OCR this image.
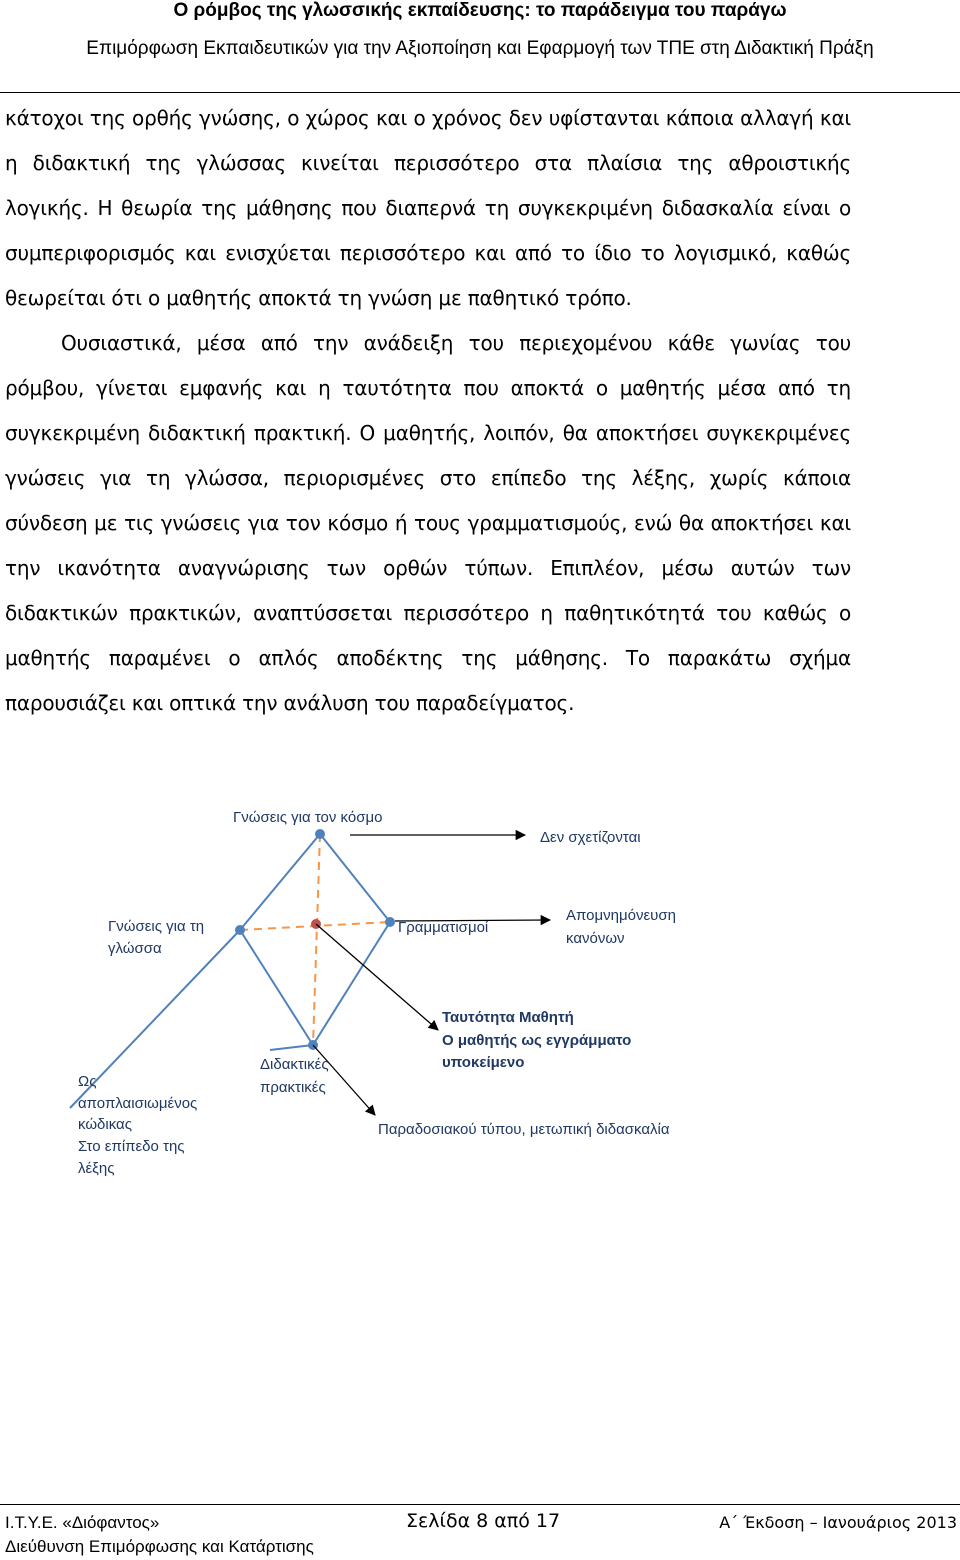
Ο ρόμβος της γλωσσικής εκπαίδευσης: το παράδειγμα του παράγω
Επιμόρφωση Εκπαιδευτικών για την Αξιοποίηση και Εφαρμογή των ΤΠΕ στη Διδακτική Πράξη

κάτοχοι της ορθής γνώσης, ο χώρος και ο χρόνος δεν υφίστανται κάποια αλλαγή και η διδακτική της γλώσσας κινείται περισσότερο στα πλαίσια της αθροιστικής λογικής. Η θεωρία της μάθησης που διαπερνά τη συγκεκριμένη διδασκαλία είναι ο συμπεριφορισμός και ενισχύεται περισσότερο και από το ίδιο το λογισμικό, καθώς θεωρείται ότι ο μαθητής αποκτά τη γνώση με παθητικό τρόπο.

Ουσιαστικά, μέσα από την ανάδειξη του περιεχομένου κάθε γωνίας του ρόμβου, γίνεται εμφανής και η ταυτότητα που αποκτά ο μαθητής μέσα από τη συγκεκριμένη διδακτική πρακτική. Ο μαθητής, λοιπόν, θα αποκτήσει συγκεκριμένες γνώσεις για τη γλώσσα, περιορισμένες στο επίπεδο της λέξης, χωρίς κάποια σύνδεση με τις γνώσεις για τον κόσμο ή τους γραμματισμούς, ενώ θα αποκτήσει και την ικανότητα αναγνώρισης των ορθών τύπων. Επιπλέον, μέσω αυτών των διδακτικών πρακτικών, αναπτύσσεται περισσότερο η παθητικότητά του καθώς ο μαθητής παραμένει ο απλός αποδέκτης της μάθησης. Το παρακάτω σχήμα παρουσιάζει και οπτικά την ανάλυση του παραδείγματος.

Γνώσεις για τον κόσμο
Δεν σχετίζονται
Γνώσεις για τη
γλώσσα
Γραμματισμοί
Απομνημόνευση
κανόνων
Ταυτότητα Μαθητή
Ο μαθητής ως εγγράμματο
υποκείμενο
Διδακτικές
πρακτικές
Ως
αποπλαισιωμένος
κώδικας
Στο επίπεδο της
λέξης
Παραδοσιακού τύπου, μετωπική διδασκαλία
Ι.Τ.Υ.Ε. «Διόφαντος»	Σελίδα 8 από 17	Α΄ Έκδοση – Ιανουάριος 2013
Διεύθυνση Επιμόρφωσης και Κατάρτισης
